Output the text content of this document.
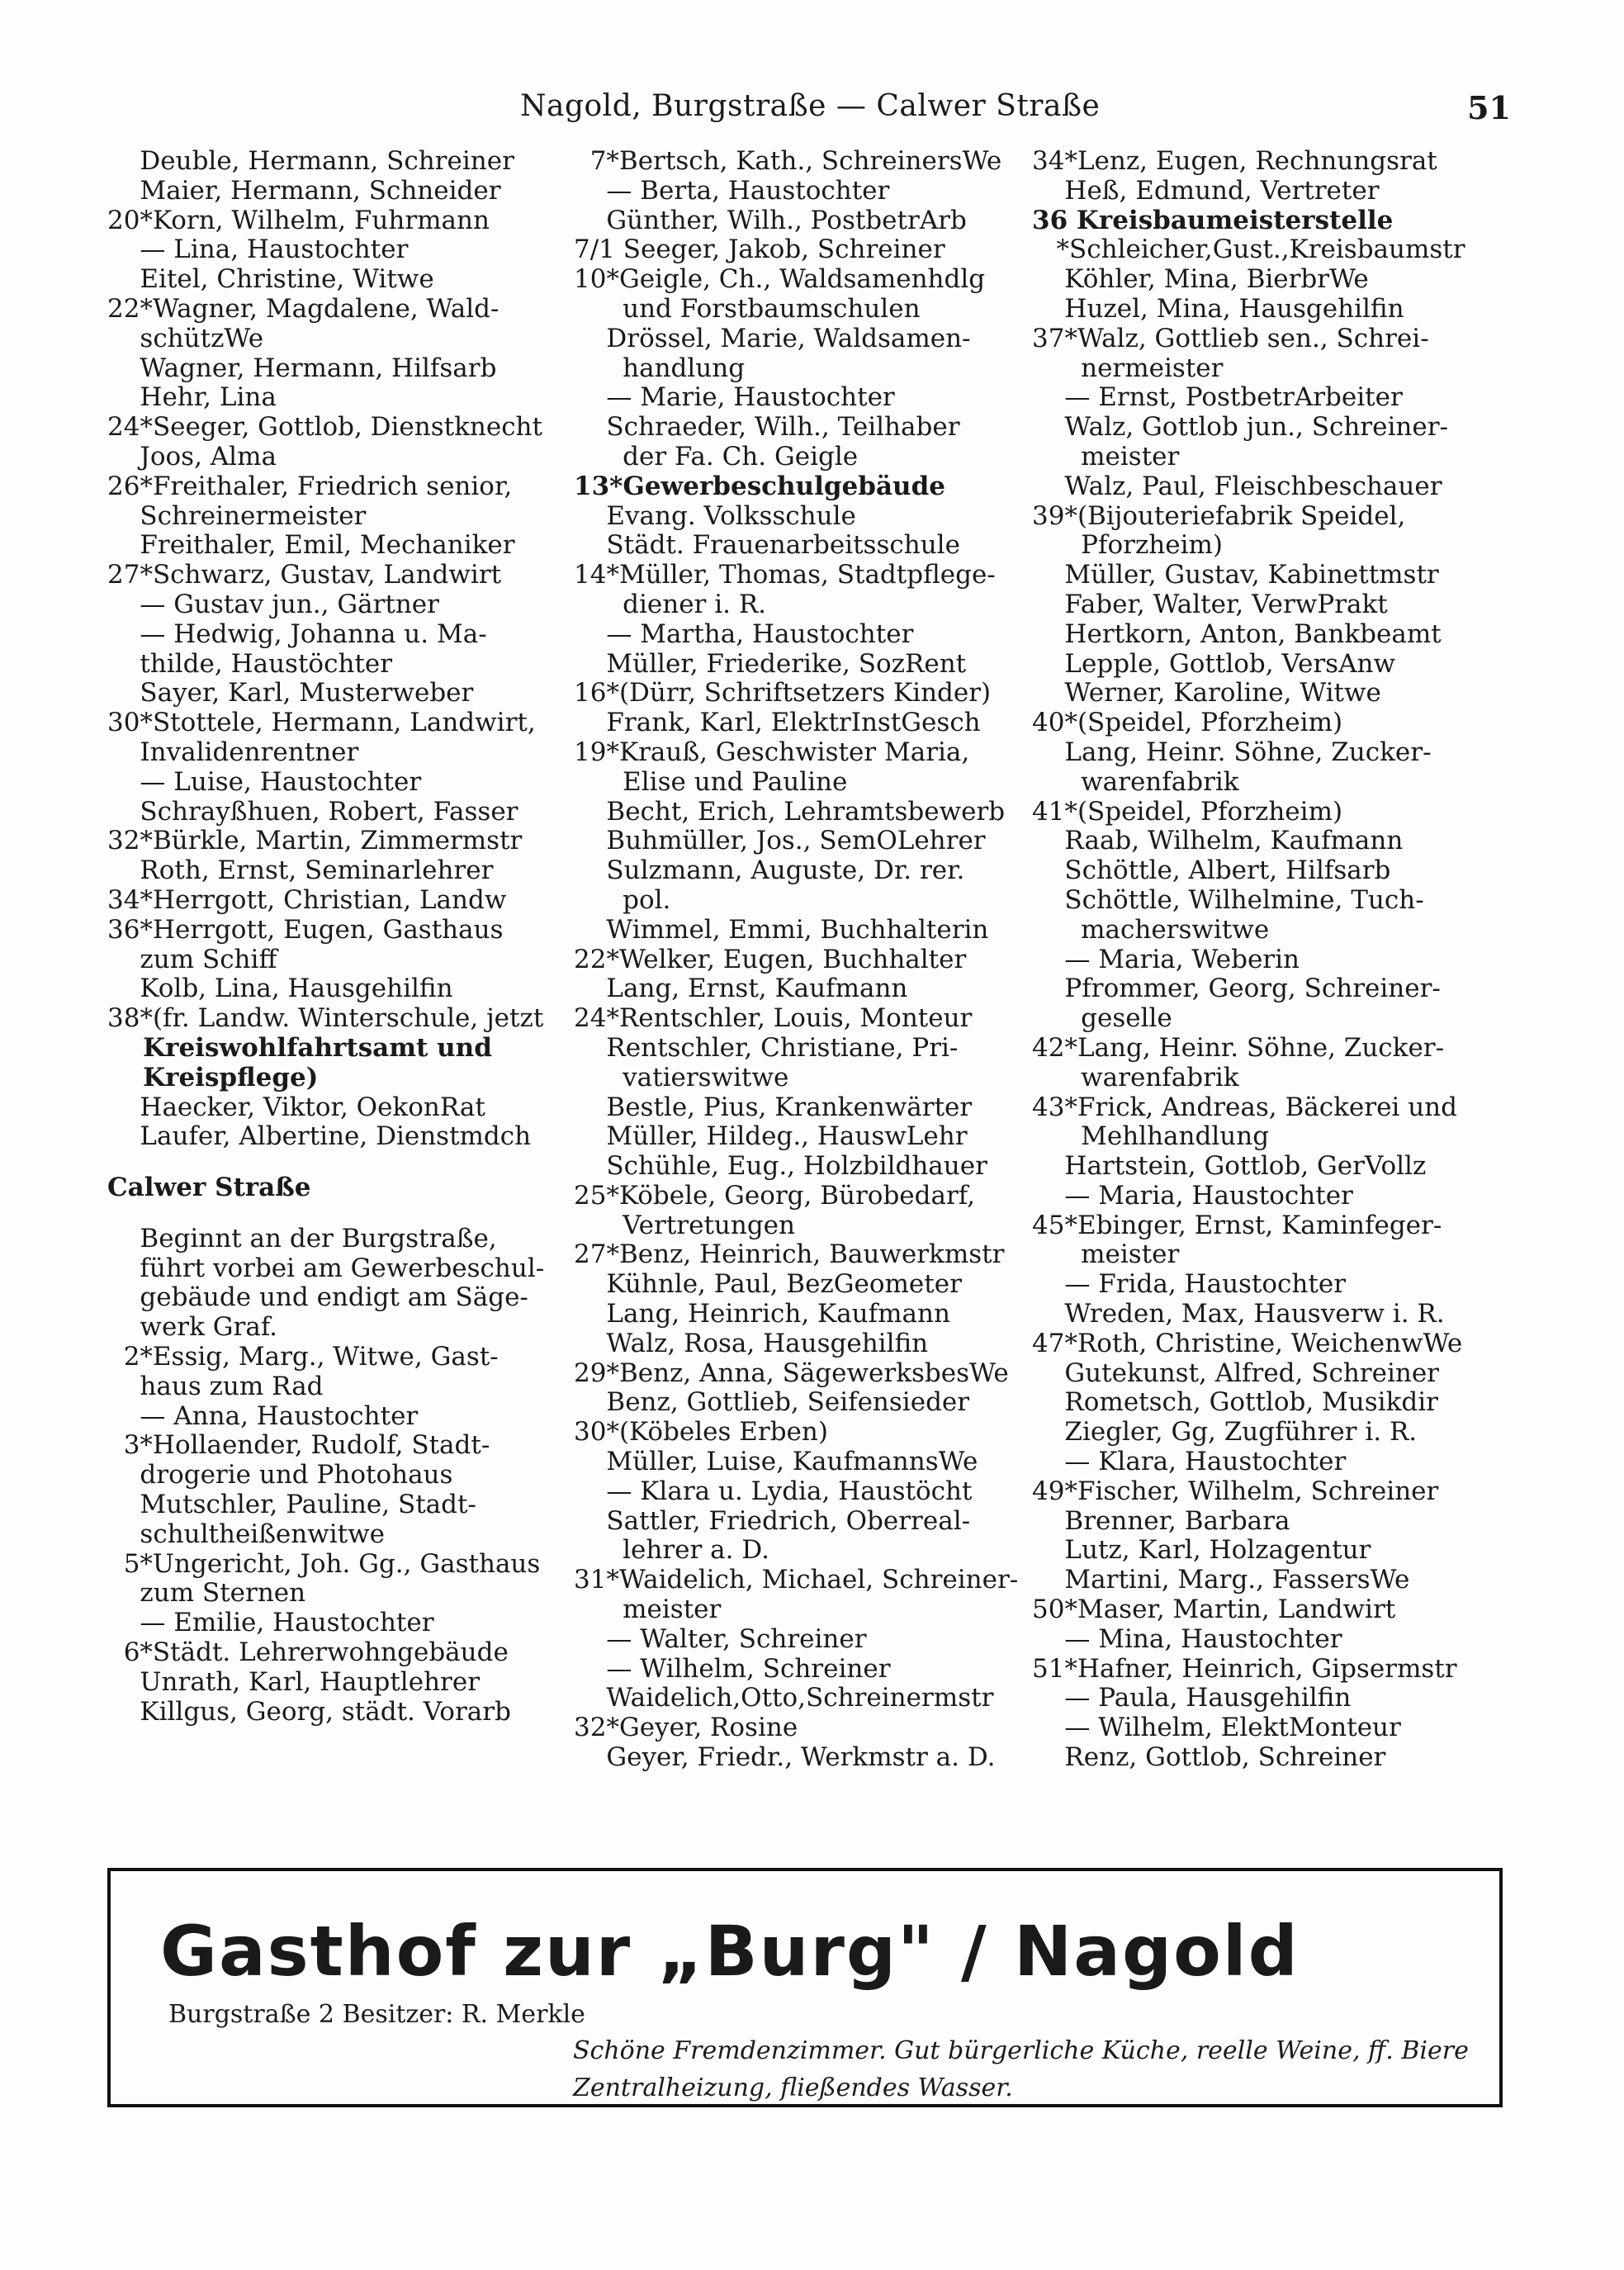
Nagold, Burgstraße — Calwer Straße	51
Deuble, Hermann, Schreiner
Maier, Hermann, Schneider
20*Korn, Wilhelm, Fuhrmann
— Lina, Haustochter
Eitel, Christine, Witwe
22*Wagner, Magdalene, Wald-
schützWe
Wagner, Hermann, Hilfsarb
Hehr, Lina
24*Seeger, Gottlob, Dienstknecht
Joos, Alma
26*Freithaler, Friedrich senior,
Schreinermeister
Freithaler, Emil, Mechaniker
27*Schwarz, Gustav, Landwirt
— Gustav jun., Gärtner
— Hedwig, Johanna u. Ma-
thilde, Haustöchter
Sayer, Karl, Musterweber
30*Stottele, Hermann, Landwirt,
Invalidenrentner
— Luise, Haustochter
Schrayßhuen, Robert, Fasser
32*Bürkle, Martin, Zimmermstr
Roth, Ernst, Seminarlehrer
34*Herrgott, Christian, Landw
36*Herrgott, Eugen, Gasthaus
zum Schiff
Kolb, Lina, Hausgehilfin
38*(fr. Landw. Winterschule, jetzt
Kreiswohlfahrtsamt und
Kreispflege)
Haecker, Viktor, OekonRat
Laufer, Albertine, Dienstmdch
Calwer Straße
Beginnt an der Burgstraße,
führt vorbei am Gewerbeschul-
gebäude und endigt am Säge-
werk Graf.
2*Essig, Marg., Witwe, Gast-
haus zum Rad
— Anna, Haustochter
3*Hollaender, Rudolf, Stadt-
drogerie und Photohaus
Mutschler, Pauline, Stadt-
schultheißenwitwe
5*Ungericht, Joh. Gg., Gasthaus
zum Sternen
— Emilie, Haustochter
6*Städt. Lehrerwohngebäude
Unrath, Karl, Hauptlehrer
Killgus, Georg, städt. Vorarb
7*Bertsch, Kath., SchreinersWe
— Berta, Haustochter
Günther, Wilh., PostbetrArb
7/1 Seeger, Jakob, Schreiner
10*Geigle, Ch., Waldsamenhdlg
und Forstbaumschulen
Drössel, Marie, Waldsamen-
handlung
— Marie, Haustochter
Schraeder, Wilh., Teilhaber
der Fa. Ch. Geigle
13*Gewerbeschulgebäude
Evang. Volksschule
Städt. Frauenarbeitsschule
14*Müller, Thomas, Stadtpflege-
diener i. R.
— Martha, Haustochter
Müller, Friederike, SozRent
16*(Dürr, Schriftsetzers Kinder)
Frank, Karl, ElektrInstGesch
19*Krauß, Geschwister Maria,
Elise und Pauline
Becht, Erich, Lehramtsbewerb
Buhmüller, Jos., SemOLehrer
Sulzmann, Auguste, Dr. rer.
pol.
Wimmel, Emmi, Buchhalterin
22*Welker, Eugen, Buchhalter
Lang, Ernst, Kaufmann
24*Rentschler, Louis, Monteur
Rentschler, Christiane, Pri-
vatierswitwe
Bestle, Pius, Krankenwärter
Müller, Hildeg., HauswLehr
Schühle, Eug., Holzbildhauer
25*Köbele, Georg, Bürobedarf,
Vertretungen
27*Benz, Heinrich, Bauwerkmstr
Kühnle, Paul, BezGeometer
Lang, Heinrich, Kaufmann
Walz, Rosa, Hausgehilfin
29*Benz, Anna, SägewerksbesWe
Benz, Gottlieb, Seifensieder
30*(Köbeles Erben)
Müller, Luise, KaufmannsWe
— Klara u. Lydia, Haustöcht
Sattler, Friedrich, Oberreal-
lehrer a. D.
31*Waidelich, Michael, Schreiner-
meister
— Walter, Schreiner
— Wilhelm, Schreiner
Waidelich,Otto,Schreinermstr
32*Geyer, Rosine
Geyer, Friedr., Werkmstr a. D.
34*Lenz, Eugen, Rechnungsrat
Heß, Edmund, Vertreter
36 Kreisbaumeisterstelle
*Schleicher,Gust.,Kreisbaumstr
Köhler, Mina, BierbrWe
Huzel, Mina, Hausgehilfin
37*Walz, Gottlieb sen., Schrei-
nermeister
— Ernst, PostbetrArbeiter
Walz, Gottlob jun., Schreiner-
meister
Walz, Paul, Fleischbeschauer
39*(Bijouteriefabrik Speidel,
Pforzheim)
Müller, Gustav, Kabinettmstr
Faber, Walter, VerwPrakt
Hertkorn, Anton, Bankbeamt
Lepple, Gottlob, VersAnw
Werner, Karoline, Witwe
40*(Speidel, Pforzheim)
Lang, Heinr. Söhne, Zucker-
warenfabrik
41*(Speidel, Pforzheim)
Raab, Wilhelm, Kaufmann
Schöttle, Albert, Hilfsarb
Schöttle, Wilhelmine, Tuch-
macherswitwe
— Maria, Weberin
Pfrommer, Georg, Schreiner-
geselle
42*Lang, Heinr. Söhne, Zucker-
warenfabrik
43*Frick, Andreas, Bäckerei und
Mehlhandlung
Hartstein, Gottlob, GerVollz
— Maria, Haustochter
45*Ebinger, Ernst, Kaminfeger-
meister
— Frida, Haustochter
Wreden, Max, Hausverw i. R.
47*Roth, Christine, WeichenwWe
Gutekunst, Alfred, Schreiner
Rometsch, Gottlob, Musikdir
Ziegler, Gg, Zugführer i. R.
— Klara, Haustochter
49*Fischer, Wilhelm, Schreiner
Brenner, Barbara
Lutz, Karl, Holzagentur
Martini, Marg., FassersWe
50*Maser, Martin, Landwirt
— Mina, Haustochter
51*Hafner, Heinrich, Gipsermstr
— Paula, Hausgehilfin
— Wilhelm, ElektMonteur
Renz, Gottlob, Schreiner
Gasthof zur „Burg" / Nagold
Burgstraße 2 Besitzer: R. Merkle
Schöne Fremdenzimmer. Gut bürgerliche Küche, reelle Weine, ff. Biere
Zentralheizung, fließendes Wasser.
